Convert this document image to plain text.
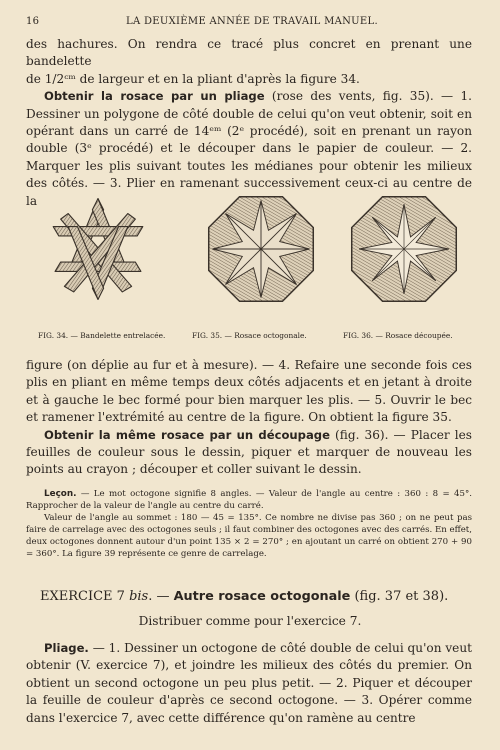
16	LA DEUXIÈME ANNÉE DE TRAVAIL MANUEL.

des hachures. On rendra ce tracé plus concret en prenant une bandelette

de 1/2ᶜᵐ de largeur et en la pliant d'après la figure 34.

Obtenir la rosace par un pliage (rose des vents, fig. 35). — 1. Dessiner un polygone de côté double de celui qu'on veut obtenir, soit en opérant dans un carré de 14ᵉᵐ (2ᵉ procédé), soit en prenant un rayon double (3ᵉ procédé) et le découper dans le papier de couleur. — 2. Marquer les plis suivant toutes les médianes pour obtenir les milieux des côtés. — 3. Plier en ramenant successivement ceux-ci au centre de la

FIG. 34. — Bandelette entrelacée.	FIG. 35. — Rosace octogonale.	FIG. 36. — Rosace découpée.

figure (on déplie au fur et à mesure). — 4. Refaire une seconde fois ces plis en pliant en même temps deux côtés adjacents et en jetant à droite et à gauche le bec formé pour bien marquer les plis. — 5. Ouvrir le bec et ramener l'extrémité au centre de la figure. On obtient la figure 35.

Obtenir la même rosace par un découpage (fig. 36). — Placer les feuilles de couleur sous le dessin, piquer et marquer de nouveau les points au crayon ; découper et coller suivant le dessin.

Leçon. — Le mot octogone signifie 8 angles. — Valeur de l'angle au centre : 360 : 8 = 45°. Rapprocher de la valeur de l'angle au centre du carré.

Valeur de l'angle au sommet : 180 — 45 = 135°. Ce nombre ne divise pas 360 ; on ne peut pas faire de carrelage avec des octogones seuls ; il faut combiner des octogones avec des carrés. En effet, deux octogones donnent autour d'un point 135 × 2 = 270° ; en ajoutant un carré on obtient 270 + 90 = 360°. La figure 39 représente ce genre de carrelage.

EXERCICE 7 bis. — Autre rosace octogonale (fig. 37 et 38).
Distribuer comme pour l'exercice 7.

Pliage. — 1. Dessiner un octogone de côté double de celui qu'on veut obtenir (V. exercice 7), et joindre les milieux des côtés du premier. On obtient un second octogone un peu plus petit. — 2. Piquer et découper la feuille de couleur d'après ce second octogone. — 3. Opérer comme dans l'exercice 7, avec cette différence qu'on ramène au centre
